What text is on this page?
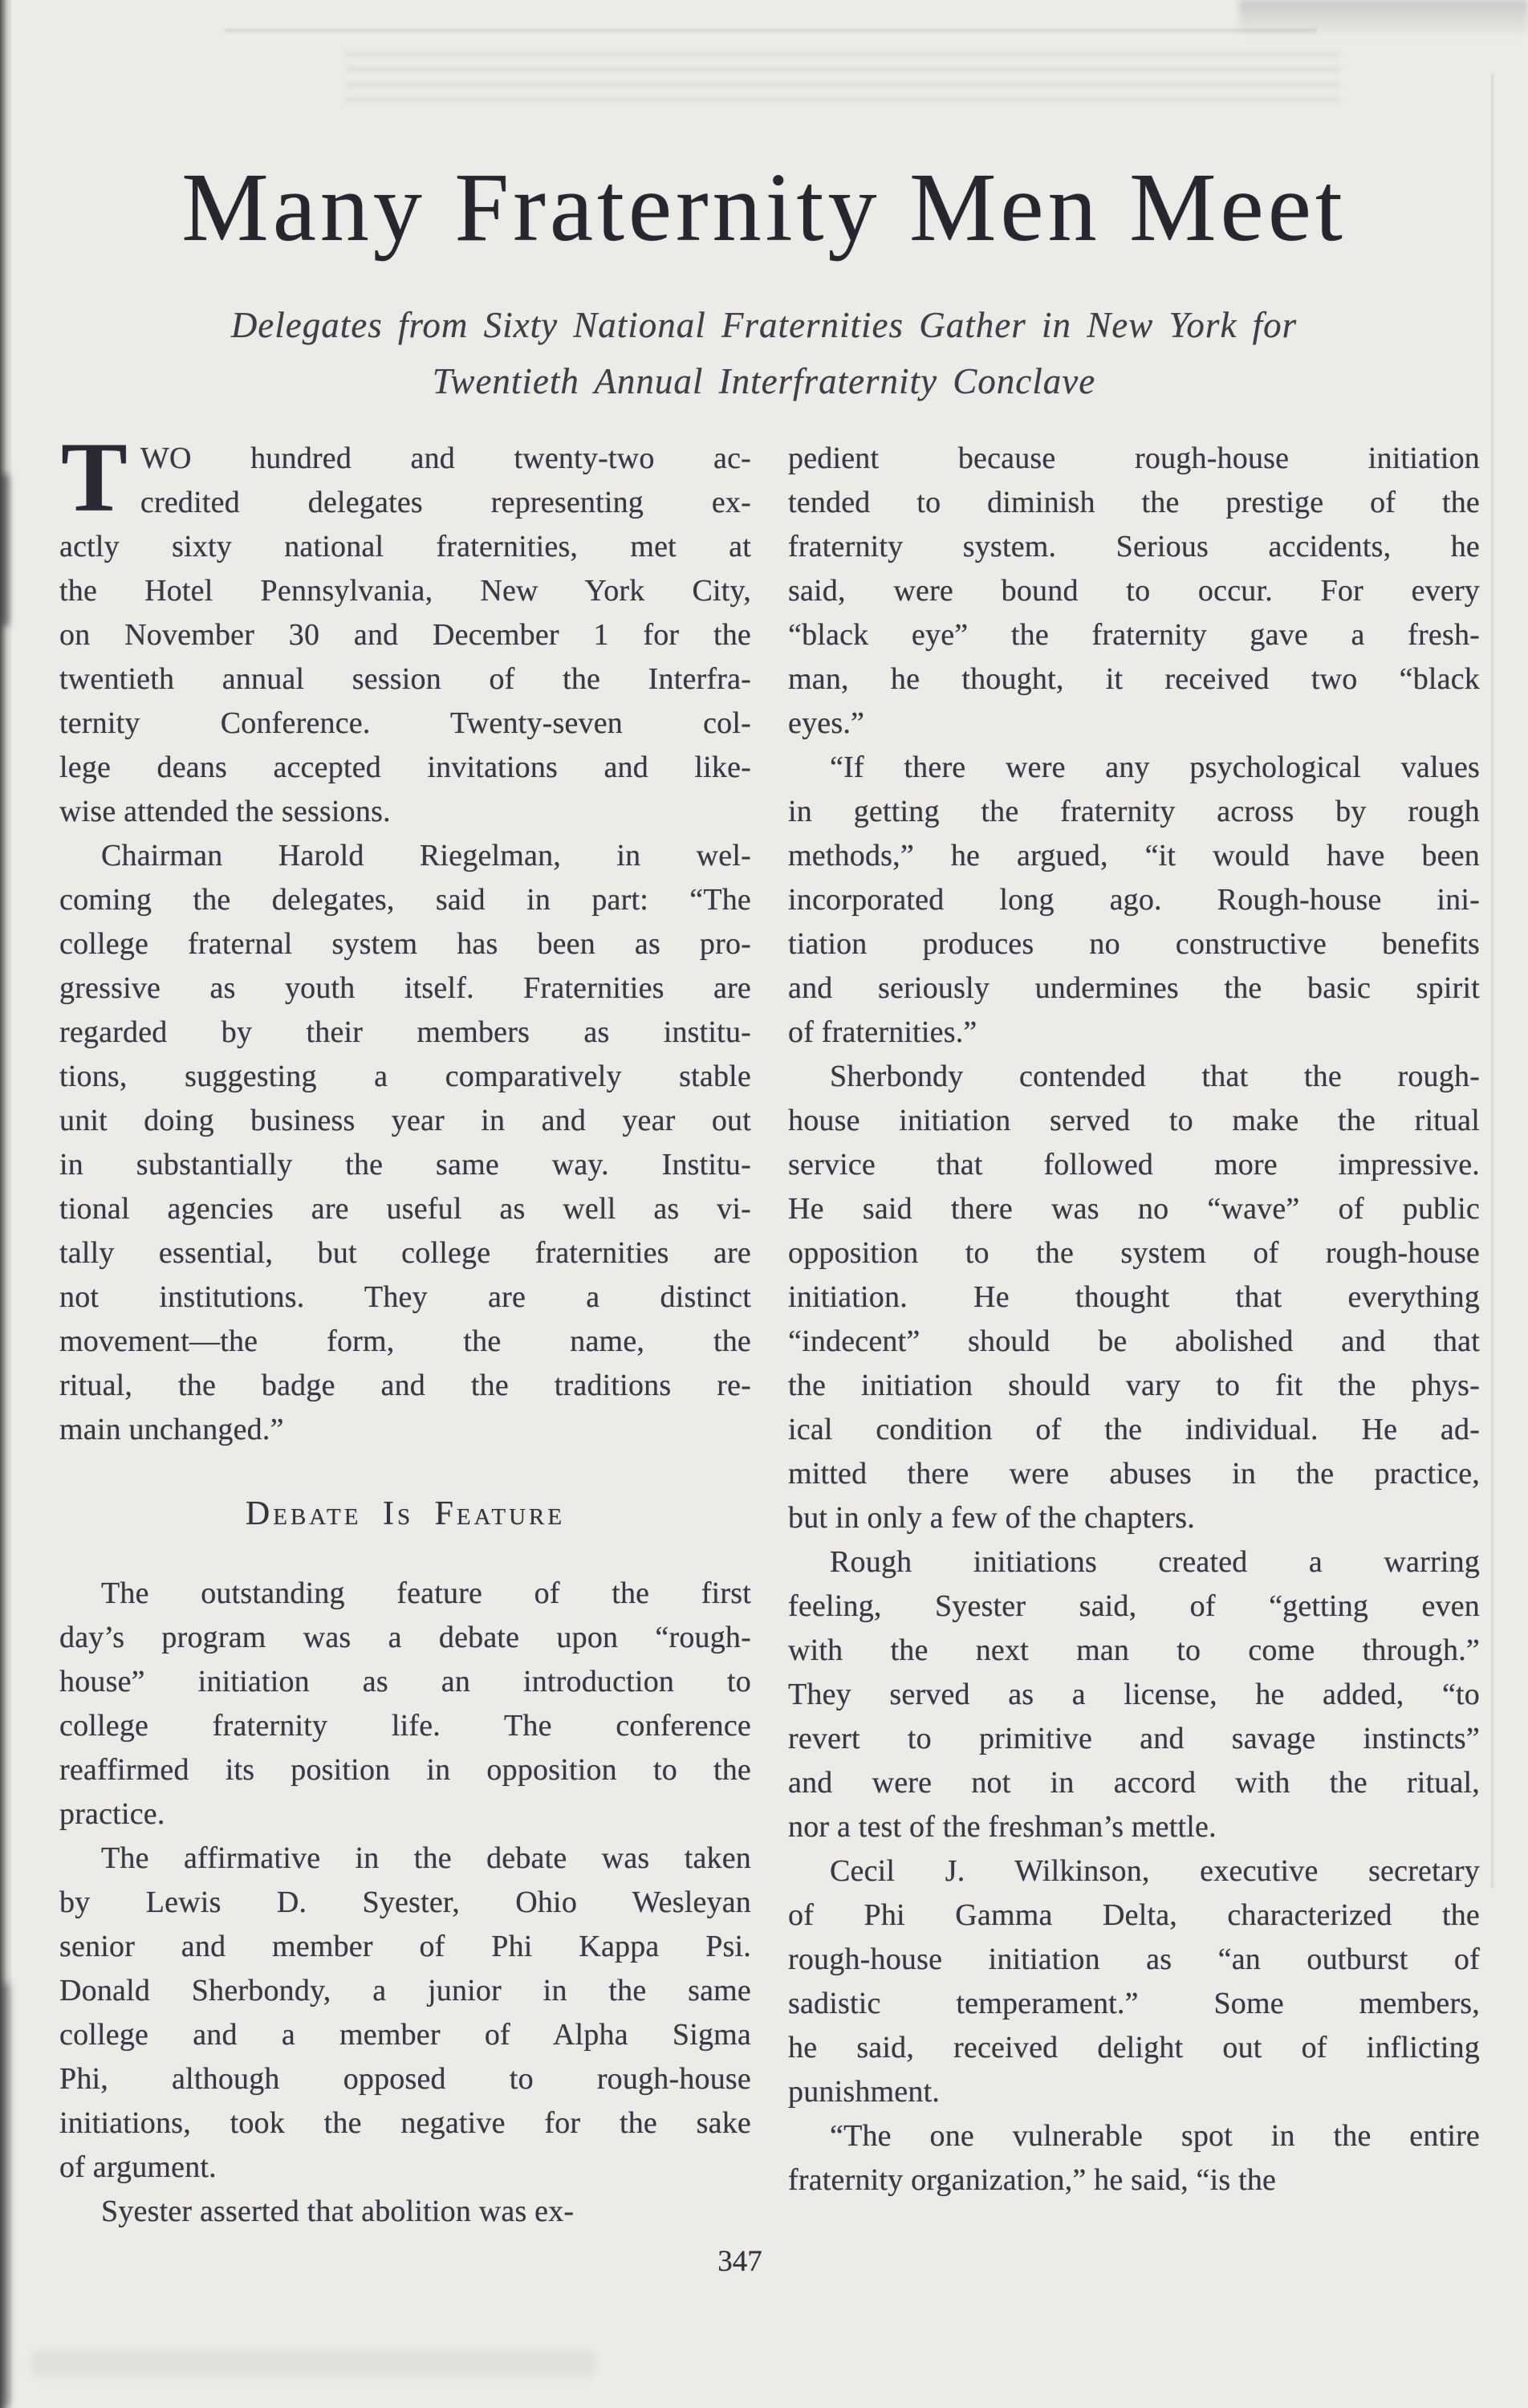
Many Fraternity Men Meet
Delegates from Sixty National Fraternities Gather in New York for
Twentieth Annual Interfraternity Conclave
T WO hundred and twenty-two ac-
credited delegates representing ex-
actly sixty national fraternities, met at
the Hotel Pennsylvania, New York City,
on November 30 and December 1 for the
twentieth annual session of the Interfra-
ternity Conference. Twenty-seven col-
lege deans accepted invitations and like-
wise attended the sessions.
Chairman Harold Riegelman, in wel-
coming the delegates, said in part: “The
college fraternal system has been as pro-
gressive as youth itself. Fraternities are
regarded by their members as institu-
tions, suggesting a comparatively stable
unit doing business year in and year out
in substantially the same way. Institu-
tional agencies are useful as well as vi-
tally essential, but college fraternities are
not institutions. They are a distinct
movement—the form, the name, the
ritual, the badge and the traditions re-
main unchanged.”
Debate Is Feature
The outstanding feature of the first
day’s program was a debate upon “rough-
house” initiation as an introduction to
college fraternity life. The conference
reaffirmed its position in opposition to the
practice.
The affirmative in the debate was taken
by Lewis D. Syester, Ohio Wesleyan
senior and member of Phi Kappa Psi.
Donald Sherbondy, a junior in the same
college and a member of Alpha Sigma
Phi, although opposed to rough-house
initiations, took the negative for the sake
of argument.
Syester asserted that abolition was ex-
pedient because rough-house initiation
tended to diminish the prestige of the
fraternity system. Serious accidents, he
said, were bound to occur. For every
“black eye” the fraternity gave a fresh-
man, he thought, it received two “black
eyes.”
“If there were any psychological values
in getting the fraternity across by rough
methods,” he argued, “it would have been
incorporated long ago. Rough-house ini-
tiation produces no constructive benefits
and seriously undermines the basic spirit
of fraternities.”
Sherbondy contended that the rough-
house initiation served to make the ritual
service that followed more impressive.
He said there was no “wave” of public
opposition to the system of rough-house
initiation. He thought that everything
“indecent” should be abolished and that
the initiation should vary to fit the phys-
ical condition of the individual. He ad-
mitted there were abuses in the practice,
but in only a few of the chapters.
Rough initiations created a warring
feeling, Syester said, of “getting even
with the next man to come through.”
They served as a license, he added, “to
revert to primitive and savage instincts”
and were not in accord with the ritual,
nor a test of the freshman’s mettle.
Cecil J. Wilkinson, executive secretary
of Phi Gamma Delta, characterized the
rough-house initiation as “an outburst of
sadistic temperament.” Some members,
he said, received delight out of inflicting
punishment.
“The one vulnerable spot in the entire
fraternity organization,” he said, “is the
347
